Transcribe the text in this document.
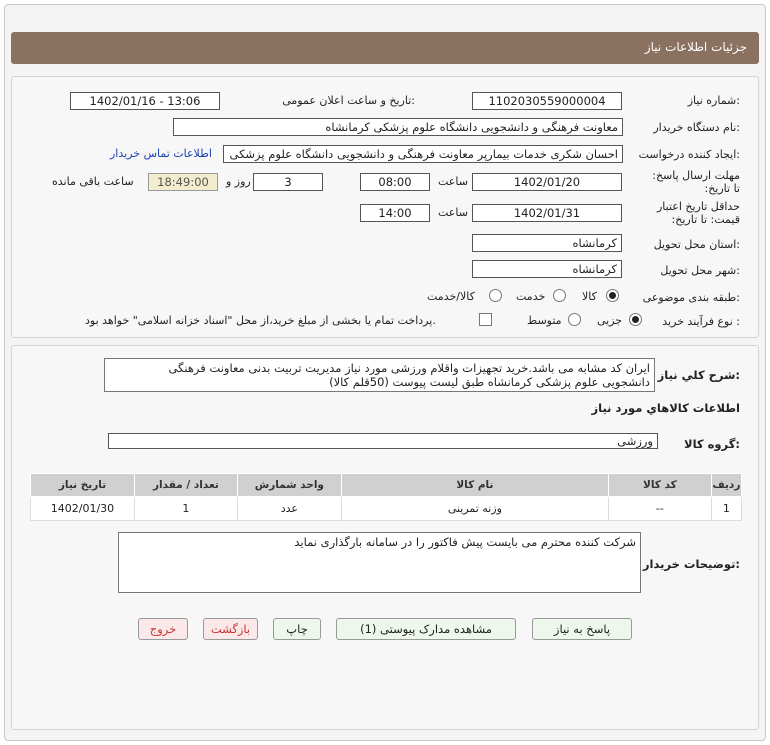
جزئیات اطلاعات نیاز
شماره نیاز:
1102030559000004
تاریخ و ساعت اعلان عمومی:
1402/01/16 - 13:06
نام دستگاه خریدار:
معاونت فرهنگی و دانشجویی دانشگاه علوم پزشکی کرمانشاه
ایجاد کننده درخواست:
احسان شکری خدمات بیمارپر معاونت فرهنگی و دانشجویی دانشگاه علوم پزشکی
اطلاعات تماس خریدار
مهلت ارسال پاسخ: تا تاریخ:
1402/01/20
ساعت
08:00
3
روز و
18:49:00
ساعت باقی مانده
حداقل تاریخ اعتبار قیمت: تا تاریخ:
1402/01/31
ساعت
14:00
استان محل تحویل:
کرمانشاه
شهر محل تحویل:
کرمانشاه
طبقه بندی موضوعی:
کالا
خدمت
کالا/خدمت
نوع فرآیند خرید :
جزیی
متوسط
پرداخت تمام یا بخشی از مبلغ خرید،از محل "اسناد خزانه اسلامی" خواهد بود.
شرح کلي نياز:
ایران کد مشابه می باشد.خرید تجهیزات واقلام ورزشی مورد نیاز مدیریت تربیت بدنی معاونت فرهنگی
دانشجویی علوم پزشکی کرمانشاه طبق لیست پیوست (50قلم کالا)
اطلاعات کالاهاي مورد نياز
گروه کالا:
ورزشی
ردیف	کد کالا	نام کالا	واحد شمارش	تعداد / مقدار	تاریخ نیاز
1	--	وزنه تمرینی	عدد	1	1402/01/30
توضیحات خریدار:
شرکت کننده محترم می بایست پیش فاکتور را در سامانه بارگذاری نماید
پاسخ به نیاز
مشاهده مدارک پیوستی (1)
چاپ
بازگشت
خروج
